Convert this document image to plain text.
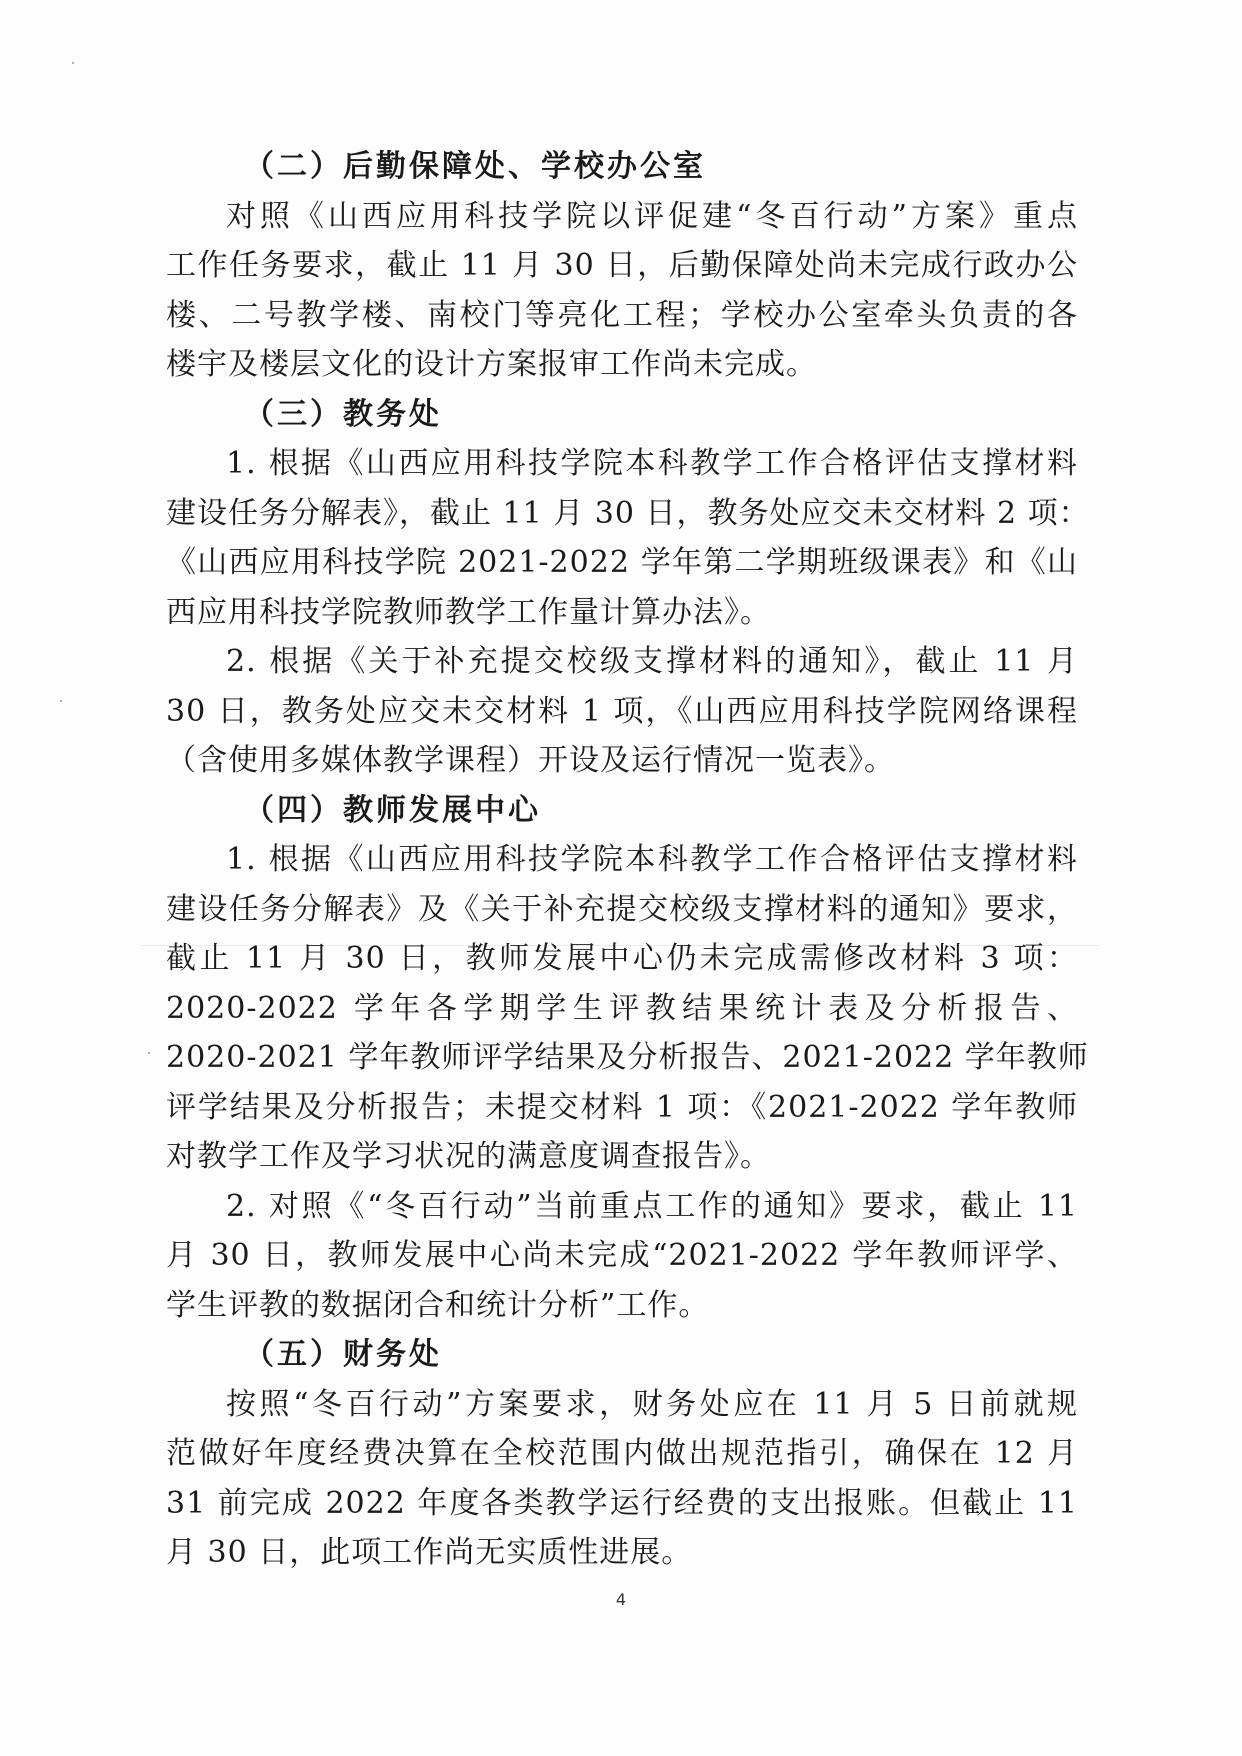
（二）后勤保障处、学校办公室
对照《山西应用科技学院以评促建“冬百行动”方案》重点
工作任务要求，截止 11 月 30 日，后勤保障处尚未完成行政办公
楼、二号教学楼、南校门等亮化工程；学校办公室牵头负责的各
楼宇及楼层文化的设计方案报审工作尚未完成。
（三）教务处
1. 根据《山西应用科技学院本科教学工作合格评估支撑材料
建设任务分解表》，截止 11 月 30 日，教务处应交未交材料 2 项：
《山西应用科技学院 2021-2022 学年第二学期班级课表》和《山
西应用科技学院教师教学工作量计算办法》。
2. 根据《关于补充提交校级支撑材料的通知》，截止 11 月
30 日，教务处应交未交材料 1 项，《山西应用科技学院网络课程
（含使用多媒体教学课程）开设及运行情况一览表》。
（四）教师发展中心
1. 根据《山西应用科技学院本科教学工作合格评估支撑材料
建设任务分解表》及《关于补充提交校级支撑材料的通知》要求，
截止 11 月 30 日，教师发展中心仍未完成需修改材料 3 项：
2020-2022 学年各学期学生评教结果统计表及分析报告、
2020-2021 学年教师评学结果及分析报告、2021-2022 学年教师
评学结果及分析报告；未提交材料 1 项：《2021-2022 学年教师
对教学工作及学习状况的满意度调查报告》。
2. 对照《“冬百行动”当前重点工作的通知》要求，截止 11
月 30 日，教师发展中心尚未完成“2021-2022 学年教师评学、
学生评教的数据闭合和统计分析”工作。
（五）财务处
按照“冬百行动”方案要求，财务处应在 11 月 5 日前就规
范做好年度经费决算在全校范围内做出规范指引，确保在 12 月
31 前完成 2022 年度各类教学运行经费的支出报账。但截止 11
月 30 日，此项工作尚无实质性进展。
4
